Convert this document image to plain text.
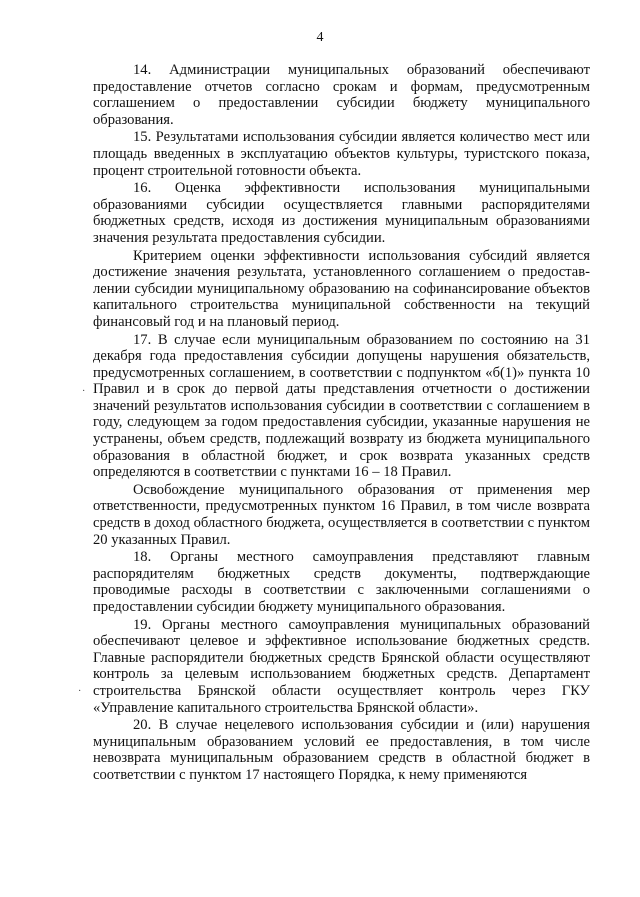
4

14. Администрации муниципальных образований обеспечивают предоставление отчетов согласно срокам и формам, предусмотренным соглашением о предоставлении субсидии бюджету муниципального образования.

15. Результатами использования субсидии является количество мест или площадь введенных в эксплуатацию объектов культуры, туристского показа, процент строительной готовности объекта.

16. Оценка эффективности использования муниципальными образованиями субсидии осуществляется главными распорядителями бюджетных средств, исходя из достижения муниципальным образованиями значения результата предоставления субсидии.

Критерием оценки эффективности использования субсидий является достижение значения результата, установленного соглашением о предоставлении субсидии муниципальному образованию на софинансирование объектов капитального строительства муниципальной собственности на текущий финансовый год и на плановый период.

17. В случае если муниципальным образованием по состоянию на 31 декабря года предоставления субсидии допущены нарушения обязательств, предусмотренных соглашением, в соответствии с подпунктом «б(1)» пункта 10 Правил и в срок до первой даты представления отчетности о достижении значений результатов использования субсидии в соответствии с соглашением в году, следующем за годом предоставления субсидии, указанные нарушения не устранены, объем средств, подлежащий возврату из бюджета муниципального образования в областной бюджет, и срок возврата указанных средств определяются в соответствии с пунктами 16 – 18 Правил.

Освобождение муниципального образования от применения мер ответственности, предусмотренных пунктом 16 Правил, в том числе возврата средств в доход областного бюджета, осуществляется в соответствии с пунктом 20 указанных Правил.

18. Органы местного самоуправления представляют главным распорядителям бюджетных средств документы, подтверждающие проводимые расходы в соответствии с заключенными соглашениями о предоставлении субсидии бюджету муниципального образования.

19. Органы местного самоуправления муниципальных образований обеспечивают целевое и эффективное использование бюджетных средств. Главные распорядители бюджетных средств Брянской области осуществляют контроль за целевым использованием бюджетных средств. Департамент строительства Брянской области осуществляет контроль через ГКУ «Управление капитального строительства Брянской области».

20. В случае нецелевого использования субсидии и (или) нарушения муниципальным образованием условий ее предоставления, в том числе невозврата муниципальным образованием средств в областной бюджет в соответствии с пунктом 17 настоящего Порядка, к нему применяются

·
·
